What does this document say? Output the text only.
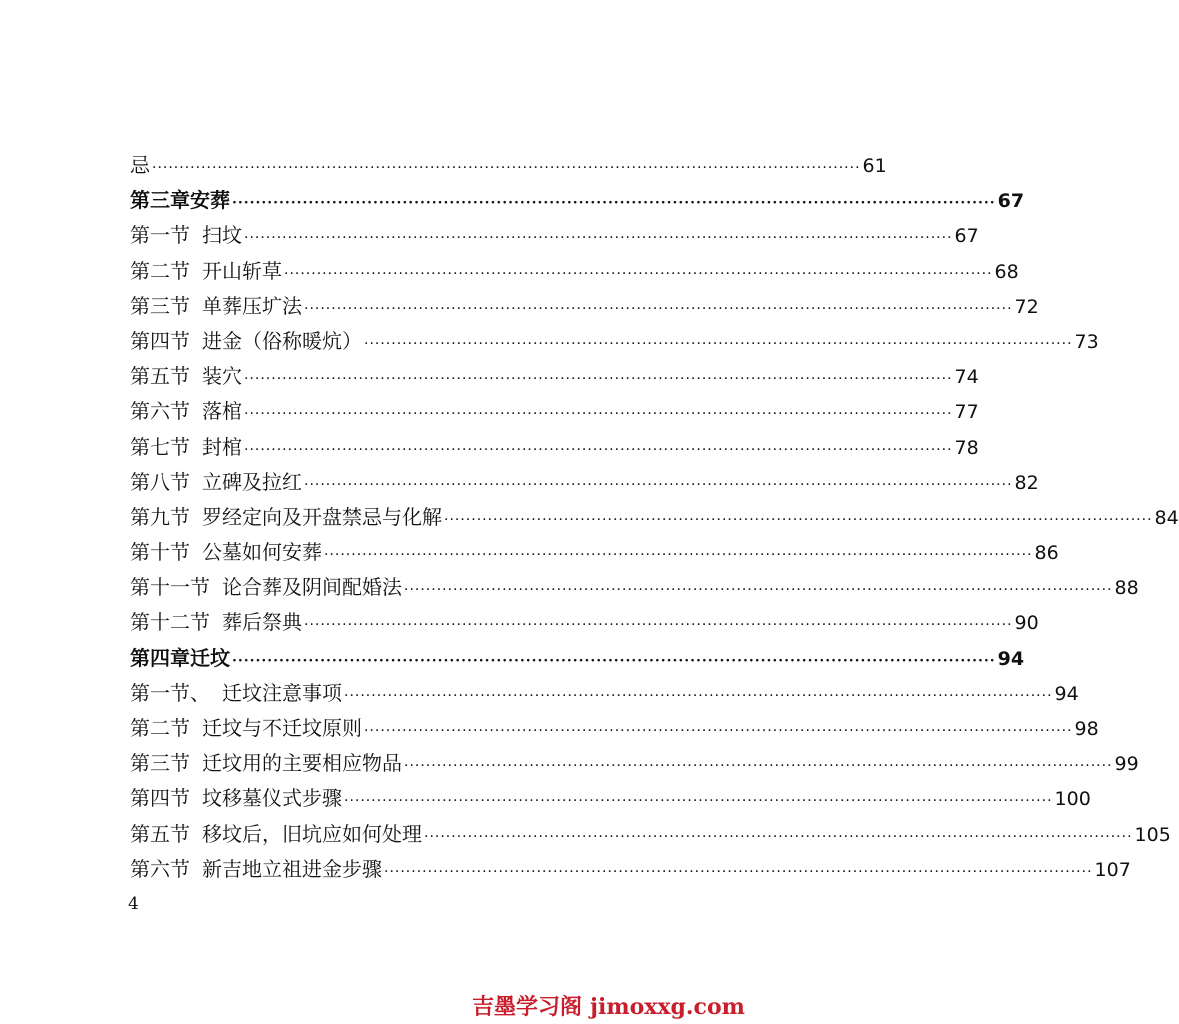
忌 ·····	61
第三章安葬 ·····	67
第一节 扫坟 ·····	67
第二节 开山斩草 ·····	68
第三节 单葬压圹法 ·····	72
第四节 进金（俗称暖炕） ·····	73
第五节 装穴 ·····	74
第六节 落棺 ·····	77
第七节 封棺 ·····	78
第八节 立碑及拉红 ·····	82
第九节 罗经定向及开盘禁忌与化解 ·····	84
第十节 公墓如何安葬 ·····	86
第十一节 论合葬及阴间配婚法 ·····	88
第十二节 葬后祭典 ·····	90
第四章迁坟 ·····	94
第一节、 迁坟注意事项 ·····	94
第二节 迁坟与不迁坟原则 ·····	98
第三节 迁坟用的主要相应物品 ·····	99
第四节 坟移墓仪式步骤 ·····	100
第五节 移坟后，旧坑应如何处理 ·····	105
第六节 新吉地立祖进金步骤 ·····	107
4
吉墨学习阁 jimoxxg.com
